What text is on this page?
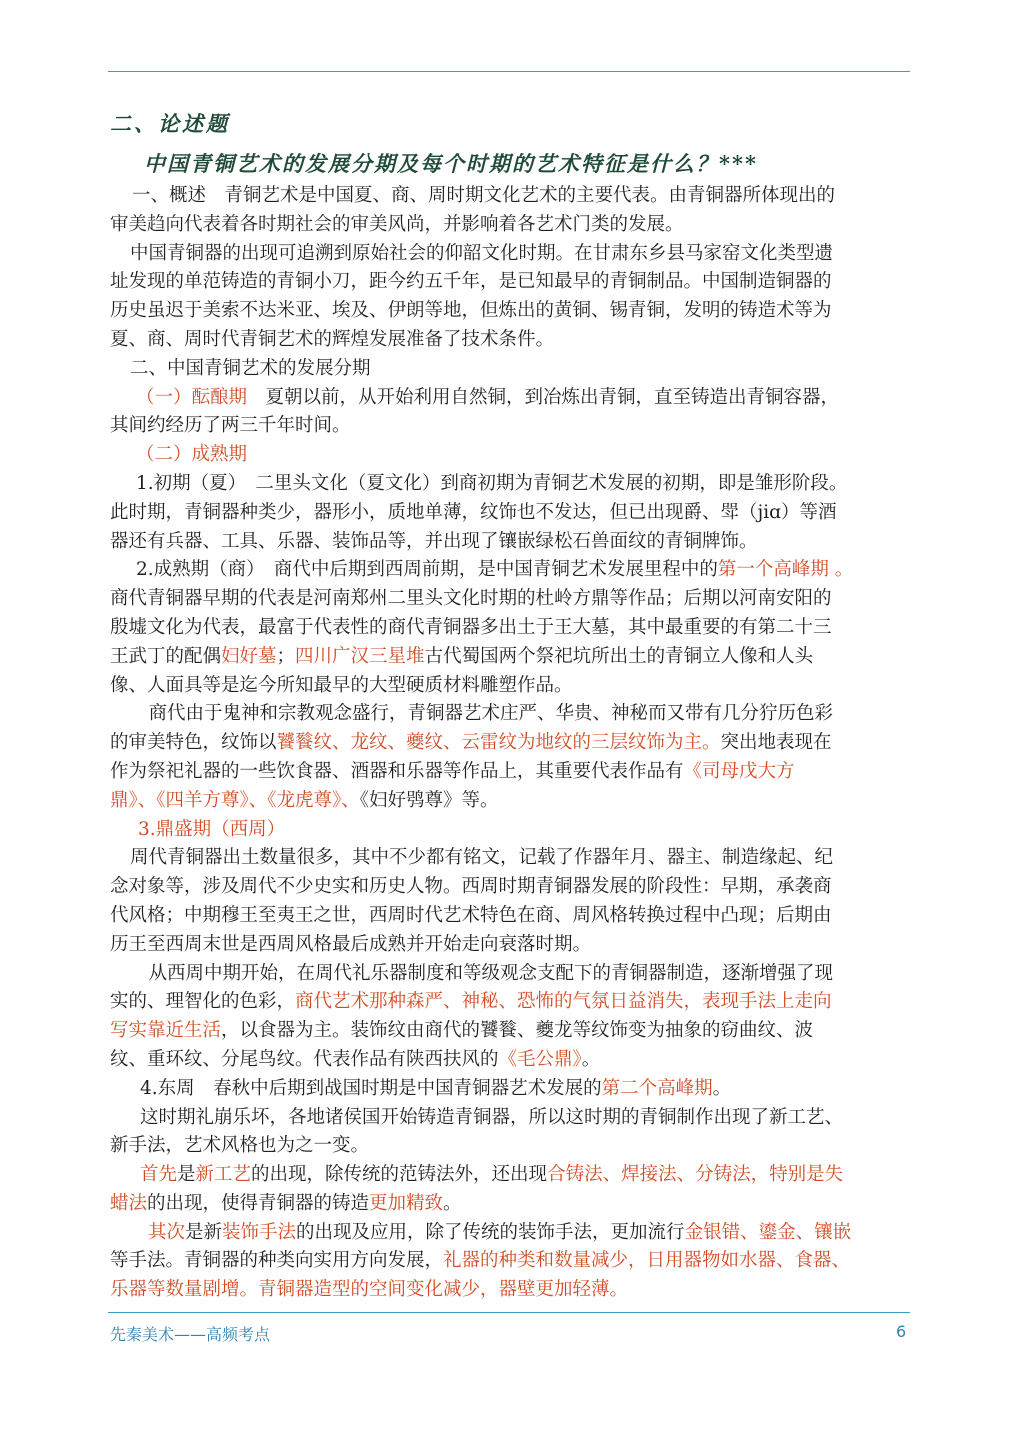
二、论述题

中国青铜艺术的发展分期及每个时期的艺术特征是什么？***

一、概述　青铜艺术是中国夏、商、周时期文化艺术的主要代表。由青铜器所体现出的

审美趋向代表着各时期社会的审美风尚，并影响着各艺术门类的发展。

中国青铜器的出现可追溯到原始社会的仰韶文化时期。在甘肃东乡县马家窑文化类型遗

址发现的单范铸造的青铜小刀，距今约五千年，是已知最早的青铜制品。中国制造铜器的

历史虽迟于美索不达米亚、埃及、伊朗等地，但炼出的黄铜、锡青铜，发明的铸造术等为

夏、商、周时代青铜艺术的辉煌发展准备了技术条件。

二、中国青铜艺术的发展分期

（一）酝酿期　夏朝以前，从开始利用自然铜，到冶炼出青铜，直至铸造出青铜容器，

其间约经历了两三千年时间。

（二）成熟期

1.初期（夏）　二里头文化（夏文化）到商初期为青铜艺术发展的初期，即是雏形阶段。

此时期，青铜器种类少，器形小，质地单薄，纹饰也不发达，但已出现爵、斝（jiɑ）等酒

器还有兵器、工具、乐器、装饰品等，并出现了镶嵌绿松石兽面纹的青铜牌饰。

2.成熟期（商）　商代中后期到西周前期，是中国青铜艺术发展里程中的第一个高峰期 。

商代青铜器早期的代表是河南郑州二里头文化时期的杜岭方鼎等作品；后期以河南安阳的

殷墟文化为代表，最富于代表性的商代青铜器多出土于王大墓，其中最重要的有第二十三

王武丁的配偶妇好墓；四川广汉三星堆古代蜀国两个祭祀坑所出土的青铜立人像和人头

像、人面具等是迄今所知最早的大型硬质材料雕塑作品。

　商代由于鬼神和宗教观念盛行，青铜器艺术庄严、华贵、神秘而又带有几分狞历色彩

的审美特色，纹饰以饕餮纹、龙纹、夔纹、云雷纹为地纹的三层纹饰为主。突出地表现在

作为祭祀礼器的一些饮食器、酒器和乐器等作品上，其重要代表作品有《司母戊大方

鼎》、《四羊方尊》、《龙虎尊》、《妇好鸮尊》等。

3.鼎盛期（西周）

周代青铜器出土数量很多，其中不少都有铭文，记载了作器年月、器主、制造缘起、纪

念对象等，涉及周代不少史实和历史人物。西周时期青铜器发展的阶段性：早期，承袭商

代风格；中期穆王至夷王之世，西周时代艺术特色在商、周风格转换过程中凸现；后期由

历王至西周末世是西周风格最后成熟并开始走向衰落时期。

　从西周中期开始，在周代礼乐器制度和等级观念支配下的青铜器制造，逐渐增强了现

实的、理智化的色彩，商代艺术那种森严、神秘、恐怖的气氛日益消失，表现手法上走向

写实靠近生活，以食器为主。装饰纹由商代的饕餮、夔龙等纹饰变为抽象的窃曲纹、波

纹、重环纹、分尾鸟纹。代表作品有陕西扶风的《毛公鼎》。

4.东周　春秋中后期到战国时期是中国青铜器艺术发展的第二个高峰期。

这时期礼崩乐坏，各地诸侯国开始铸造青铜器，所以这时期的青铜制作出现了新工艺、

新手法，艺术风格也为之一变。

首先是新工艺的出现，除传统的范铸法外，还出现合铸法、焊接法、分铸法，特别是失

蜡法的出现，使得青铜器的铸造更加精致。

其次是新装饰手法的出现及应用，除了传统的装饰手法，更加流行金银错、鎏金、镶嵌

等手法。青铜器的种类向实用方向发展，礼器的种类和数量减少，日用器物如水器、食器、

乐器等数量剧增。青铜器造型的空间变化减少，器壁更加轻薄。

先秦美术——高频考点	6
